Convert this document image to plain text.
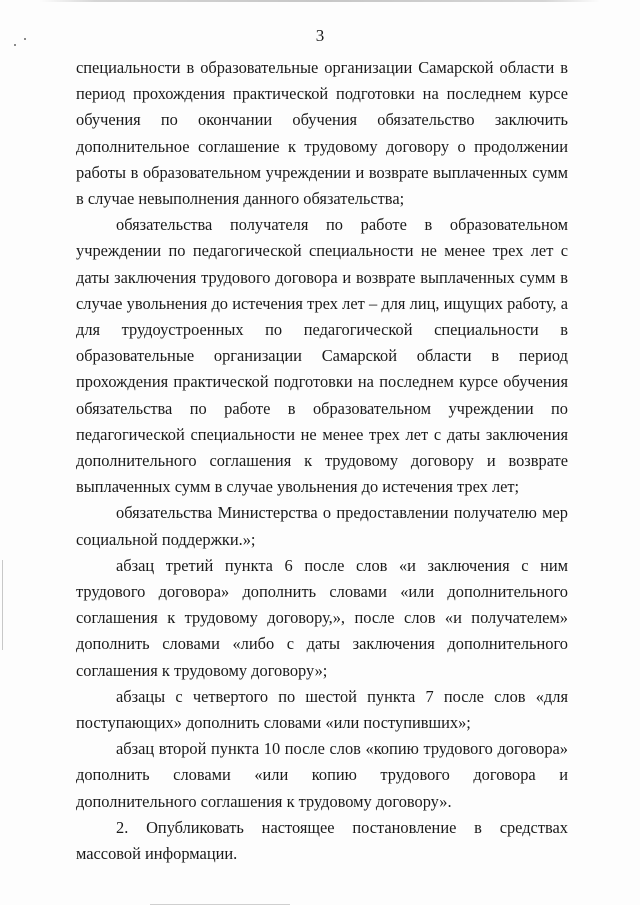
3

специальности в образовательные организации Самарской области в период прохождения практической подготовки на последнем курсе обучения по окончании обучения обязательство заключить дополнительное соглашение к трудовому договору о продолжении работы в образовательном учреждении и возврате выплаченных сумм в случае невыполнения данного обязательства;

обязательства получателя по работе в образовательном учреждении по педагогической специальности не менее трех лет с даты заключения трудового договора и возврате выплаченных сумм в случае увольнения до истечения трех лет – для лиц, ищущих работу, а для трудоустроенных по педагогической специальности в образовательные организации Самарской области в период прохождения практической подготовки на последнем курсе обучения обязательства по работе в образовательном учреждении по педагогической специальности не менее трех лет с даты заключения дополнительного соглашения к трудовому договору и возврате выплаченных сумм в случае увольнения до истечения трех лет;

обязательства Министерства о предоставлении получателю мер социальной поддержки.»;

абзац третий пункта 6 после слов «и заключения с ним трудового договора» дополнить словами «или дополнительного соглашения к трудовому договору,», после слов «и получателем» дополнить словами «либо с даты заключения дополнительного соглашения к трудовому договору»;

абзацы с четвертого по шестой пункта 7 после слов «для поступающих» дополнить словами «или поступивших»;

абзац второй пункта 10 после слов «копию трудового договора» дополнить словами «или копию трудового договора и дополнительного соглашения к трудовому договору».

2. Опубликовать настоящее постановление в средствах массовой информации.
